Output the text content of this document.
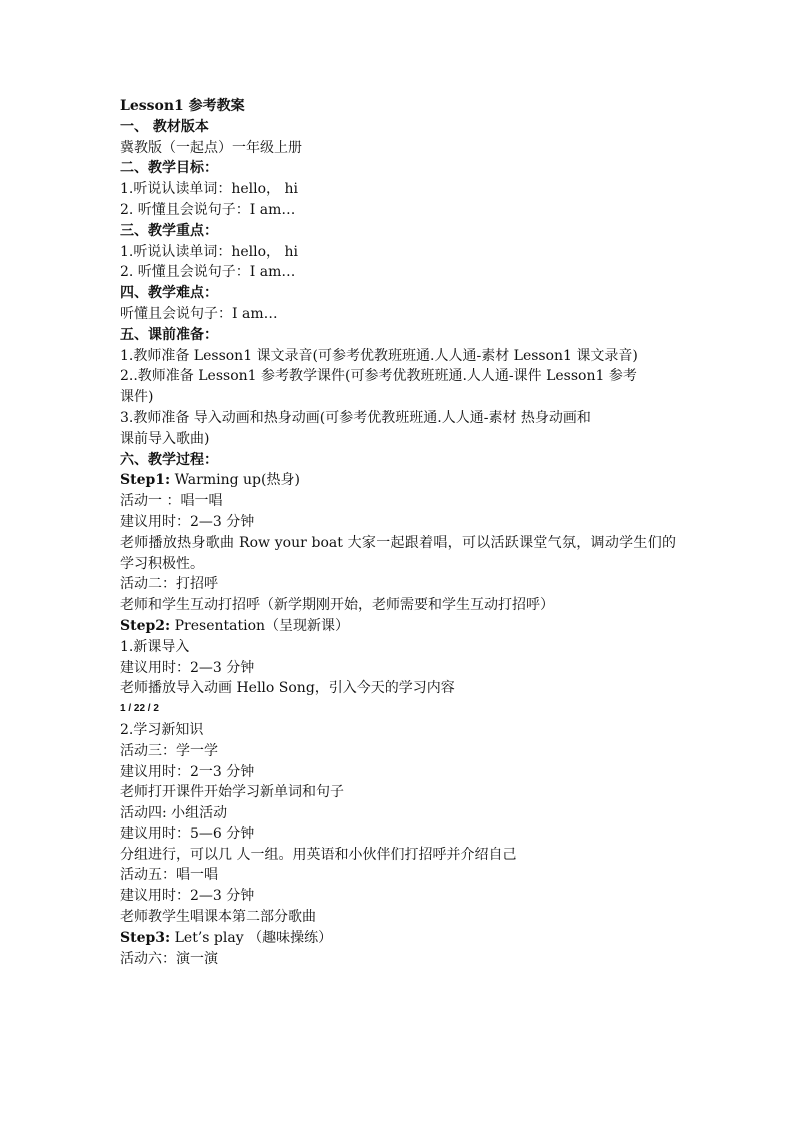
Lesson1 参考教案
一、 教材版本
冀教版（一起点）一年级上册
二、教学目标：
1.听说认读单词：hello， hi
2. 听懂且会说句子：I am…
三、教学重点：
1.听说认读单词：hello， hi
2. 听懂且会说句子：I am…
四、教学难点：
听懂且会说句子：I am…
五、课前准备：
1.教师准备 Lesson1 课文录音(可参考优教班班通.人人通-素材 Lesson1 课文录音)
2..教师准备 Lesson1 参考教学课件(可参考优教班班通.人人通-课件 Lesson1 参考
课件)
3.教师准备 导入动画和热身动画(可参考优教班班通.人人通-素材 热身动画和
课前导入歌曲)
六、教学过程：
Step1: Warming up(热身)
活动一 ：唱一唱
建议用时：2—3 分钟
老师播放热身歌曲 Row your boat 大家一起跟着唱，可以活跃课堂气氛，调动学生们的学习积极性。
活动二：打招呼
老师和学生互动打招呼（新学期刚开始，老师需要和学生互动打招呼）
Step2: Presentation（呈现新课）
1.新课导入
建议用时：2—3 分钟
老师播放导入动画 Hello Song，引入今天的学习内容
1 / 22 / 2
2.学习新知识
活动三：学一学
建议用时：2一3 分钟
老师打开课件开始学习新单词和句子
活动四: 小组活动
建议用时：5—6 分钟
分组进行，可以几 人一组。用英语和小伙伴们打招呼并介绍自己
活动五：唱一唱
建议用时：2—3 分钟
老师教学生唱课本第二部分歌曲
Step3: Let’s play （趣味操练）
活动六：演一演
